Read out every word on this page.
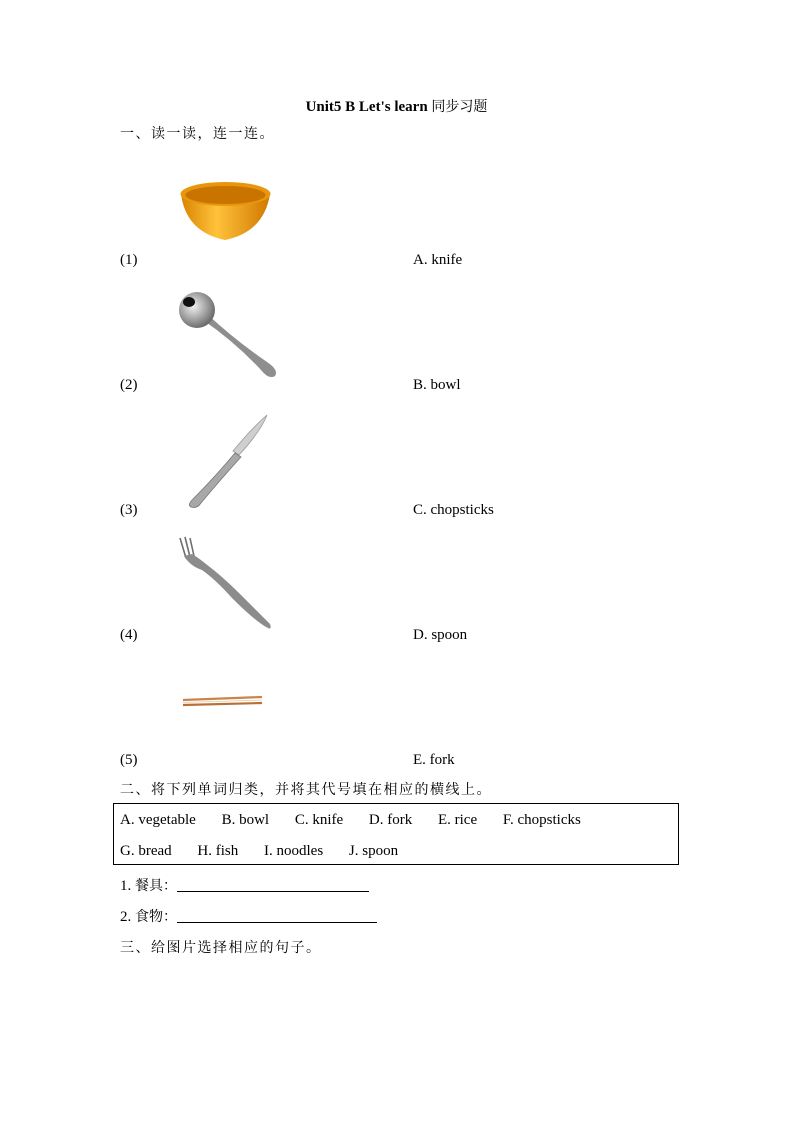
Unit5 B Let's learn 同步习题
一、读一读，连一连。
(1)
(2)
(3)
(4)
(5)
A. knife
B. bowl
C. chopsticks
D. spoon
E. fork
二、将下列单词归类，并将其代号填在相应的横线上。
A. vegetable B. bowl C. knife D. fork E. rice F. chopsticks
G. bread H. fish I. noodles J. spoon
1. 餐具：
2. 食物：
三、给图片选择相应的句子。
